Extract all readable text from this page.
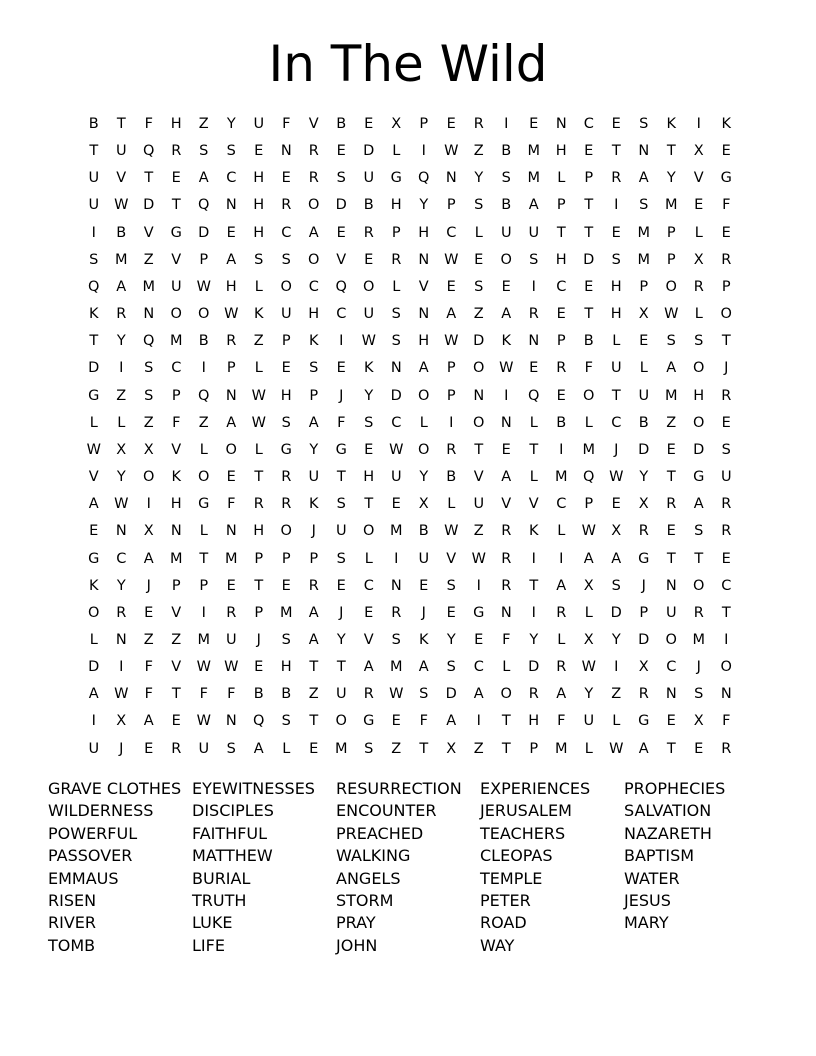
In The Wild
B	T	F	H	Z	Y	U	F	V	B	E	X	P	E	R	I	E	N	C	E	S	K	I	K
T	U	Q	R	S	S	E	N	R	E	D	L	I	W	Z	B	M	H	E	T	N	T	X	E
U	V	T	E	A	C	H	E	R	S	U	G	Q	N	Y	S	M	L	P	R	A	Y	V	G
U	W	D	T	Q	N	H	R	O	D	B	H	Y	P	S	B	A	P	T	I	S	M	E	F
I	B	V	G	D	E	H	C	A	E	R	P	H	C	L	U	U	T	T	E	M	P	L	E
S	M	Z	V	P	A	S	S	O	V	E	R	N	W	E	O	S	H	D	S	M	P	X	R
Q	A	M	U	W	H	L	O	C	Q	O	L	V	E	S	E	I	C	E	H	P	O	R	P
K	R	N	O	O	W	K	U	H	C	U	S	N	A	Z	A	R	E	T	H	X	W	L	O
T	Y	Q	M	B	R	Z	P	K	I	W	S	H	W	D	K	N	P	B	L	E	S	S	T
D	I	S	C	I	P	L	E	S	E	K	N	A	P	O	W	E	R	F	U	L	A	O	J
G	Z	S	P	Q	N	W	H	P	J	Y	D	O	P	N	I	Q	E	O	T	U	M	H	R
L	L	Z	F	Z	A	W	S	A	F	S	C	L	I	O	N	L	B	L	C	B	Z	O	E
W	X	X	V	L	O	L	G	Y	G	E	W	O	R	T	E	T	I	M	J	D	E	D	S
V	Y	O	K	O	E	T	R	U	T	H	U	Y	B	V	A	L	M	Q	W	Y	T	G	U
A	W	I	H	G	F	R	R	K	S	T	E	X	L	U	V	V	C	P	E	X	R	A	R
E	N	X	N	L	N	H	O	J	U	O	M	B	W	Z	R	K	L	W	X	R	E	S	R
G	C	A	M	T	M	P	P	P	S	L	I	U	V	W	R	I	I	A	A	G	T	T	E
K	Y	J	P	P	E	T	E	R	E	C	N	E	S	I	R	T	A	X	S	J	N	O	C
O	R	E	V	I	R	P	M	A	J	E	R	J	E	G	N	I	R	L	D	P	U	R	T
L	N	Z	Z	M	U	J	S	A	Y	V	S	K	Y	E	F	Y	L	X	Y	D	O	M	I
D	I	F	V	W W	E	H	T	T	A	M	A	S	C	L	D	R	W	I	X	C	J	O
A	W	F	T	F	F	B	B	Z	U	R	W	S	D	A	O	R	A	Y	Z	R	N	S	N
I	X	A	E	W	N	Q	S	T	O	G	E	F	A	I	T	H	F	U	L	G	E	X	F
U	J	E	R	U	S	A	L	E	M	S	Z	T	X	Z	T	P	M	L	W	A	T	E	R
GRAVE CLOTHES
WILDERNESS
POWERFUL
PASSOVER
EMMAUS
RISEN
RIVER
TOMB
EYEWITNESSES
DISCIPLES
FAITHFUL
MATTHEW
BURIAL
TRUTH
LUKE
LIFE
RESURRECTION
ENCOUNTER
PREACHED
WALKING
ANGELS
STORM
PRAY
JOHN
EXPERIENCES
JERUSALEM
TEACHERS
CLEOPAS
TEMPLE
PETER
ROAD
WAY
PROPHECIES
SALVATION
NAZARETH
BAPTISM
WATER
JESUS
MARY
